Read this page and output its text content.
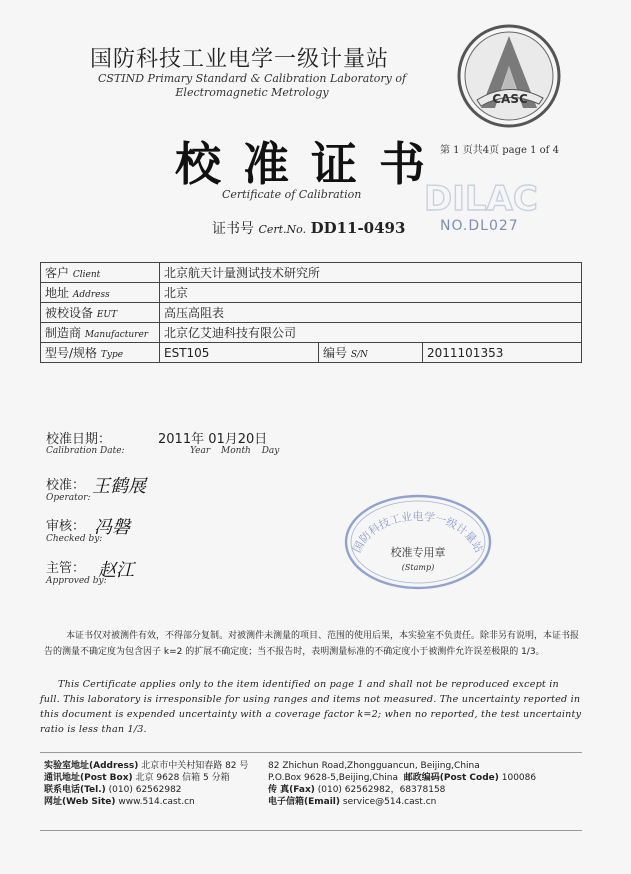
国防科技工业电学一级计量站
CSTIND Primary Standard & Calibration Laboratory of
Electromagnetic Metrology	CASC
校准证书
第 1 页共4页 page 1 of 4
Certificate of Calibration DILAC
NO.DL027
证书号 Cert.No. DD11-0493
客户 Client	北京航天计量测试技术研究所		
地址 Address	北京		
被校设备 EUT	高压高阻表		
制造商 Manufacturer	北京亿艾迪科技有限公司		
型号/规格 Type	EST105	编号 S/N	2011101353
校准日期：
Calibration Date:
2011年 01月20日
Year Month Day
校准：
Operator:
王鹤展
审核：
Checked by:
冯磐
主管：
Approved by:
赵江
国防科技工业电学一级计量站
校准专用章
(Stamp)
本证书仅对被测件有效，不得部分复制。对被测件未测量的项目、范围的使用后果，本实验室不负责任。除非另有说明，本证书报告的测量不确定度为包含因子 k=2 的扩展不确定度；当不报告时，表明测量标准的不确定度小于被测件允许误差极限的 1/3。
This Certificate applies only to the item identified on page 1 and shall not be reproduced except in full. This laboratory is irresponsible for using ranges and items not measured. The uncertainty reported in this document is expended uncertainty with a coverage factor k=2; when no reported, the test uncertainty ratio is less than 1/3.
实验室地址(Address) 北京市中关村知春路 82 号
通讯地址(Post Box) 北京 9628 信箱 5 分箱
联系电话(Tel.) (010) 62562982
网址(Web Site) www.514.cast.cn
82 Zhichun Road,Zhongguancun, Beijing,China
P.O.Box 9628-5,Beijing,China 邮政编码(Post Code) 100086
传 真(Fax) (010) 62562982，68378158
电子信箱(Email) service@514.cast.cn
